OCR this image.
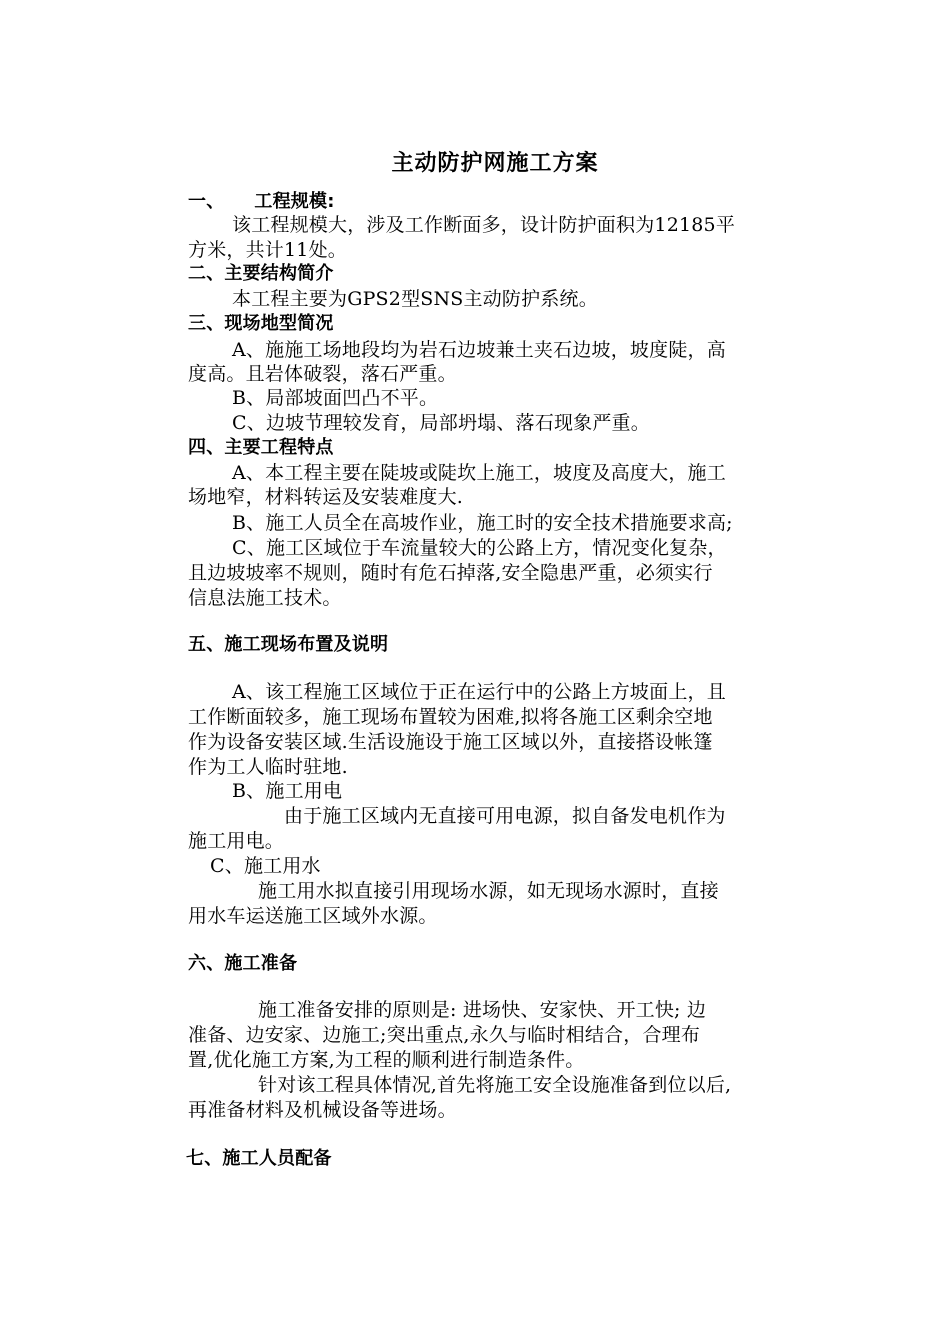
主动防护网施工方案
一、 工程规模:
该工程规模大，涉及工作断面多，设计防护面积为12185平
方米，共计11处。
二、主要结构简介
本工程主要为GPS2型SNS主动防护系统。
三、现场地型简况
A、施施工场地段均为岩石边坡兼土夹石边坡，坡度陡，高
度高。且岩体破裂，落石严重。
B、局部坡面凹凸不平。
C、边坡节理较发育，局部坍塌、落石现象严重。
四、主要工程特点
A、本工程主要在陡坡或陡坎上施工，坡度及高度大，施工
场地窄，材料转运及安装难度大.
B、施工人员全在高坡作业，施工时的安全技术措施要求高;
C、施工区域位于车流量较大的公路上方，情况变化复杂，
且边坡坡率不规则，随时有危石掉落,安全隐患严重，必须实行
信息法施工技术。
五、施工现场布置及说明
A、该工程施工区域位于正在运行中的公路上方坡面上，且
工作断面较多，施工现场布置较为困难,拟将各施工区剩余空地
作为设备安装区域.生活设施设于施工区域以外，直接搭设帐篷
作为工人临时驻地.
B、施工用电
由于施工区域内无直接可用电源，拟自备发电机作为
施工用电。
C、施工用水
施工用水拟直接引用现场水源，如无现场水源时，直接
用水车运送施工区域外水源。
六、施工准备
施工准备安排的原则是: 进场快、安家快、开工快; 边
准备、边安家、边施工;突出重点,永久与临时相结合，合理布
置,优化施工方案,为工程的顺利进行制造条件。
针对该工程具体情况,首先将施工安全设施准备到位以后,
再准备材料及机械设备等进场。
七、施工人员配备
